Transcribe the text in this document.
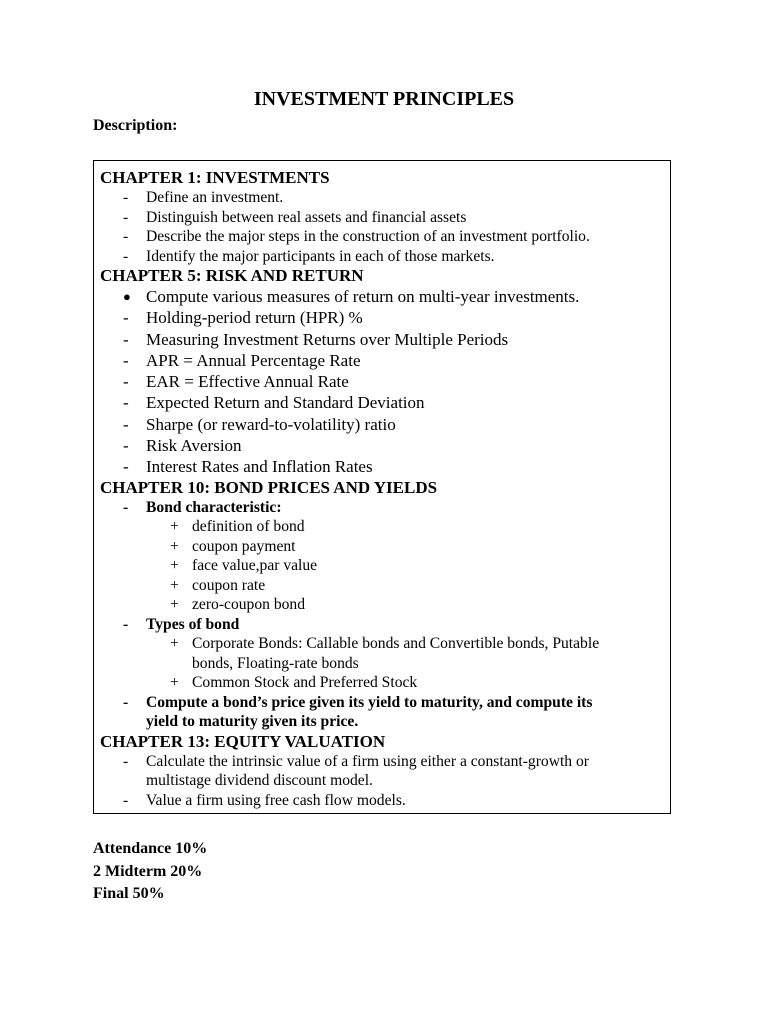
INVESTMENT PRINCIPLES
Description:
CHAPTER 1: INVESTMENTS
- Define an investment.
- Distinguish between real assets and financial assets
- Describe the major steps in the construction of an investment portfolio.
- Identify the major participants in each of those markets.
CHAPTER 5: RISK AND RETURN
● Compute various measures of return on multi-year investments.
- Holding-period return (HPR) %
- Measuring Investment Returns over Multiple Periods
- APR = Annual Percentage Rate
- EAR = Effective Annual Rate
- Expected Return and Standard Deviation
- Sharpe (or reward-to-volatility) ratio
- Risk Aversion
- Interest Rates and Inflation Rates
CHAPTER 10: BOND PRICES AND YIELDS
- Bond characteristic:
+ definition of bond
+ coupon payment
+ face value,par value
+ coupon rate
+ zero-coupon bond
- Types of bond
+ Corporate Bonds: Callable bonds and Convertible bonds, Putable
bonds, Floating-rate bonds
+ Common Stock and Preferred Stock
- Compute a bond’s price given its yield to maturity, and compute its
yield to maturity given its price.
CHAPTER 13: EQUITY VALUATION
- Calculate the intrinsic value of a firm using either a constant-growth or
multistage dividend discount model.
- Value a firm using free cash flow models.
Attendance 10%
2 Midterm 20%
Final 50%
